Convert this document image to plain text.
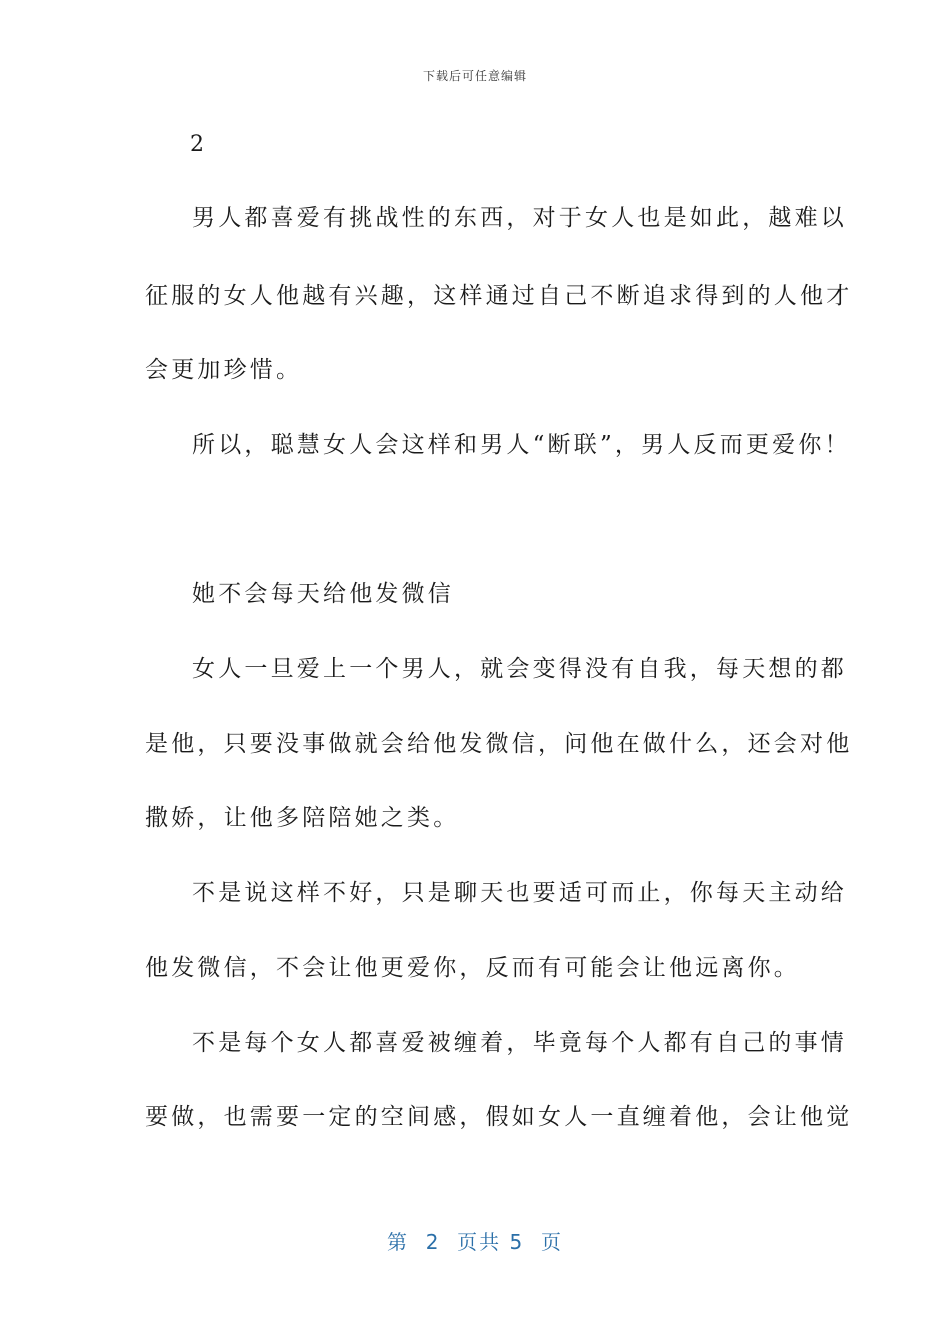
下载后可任意编辑
2
男人都喜爱有挑战性的东西，对于女人也是如此，越难以
征服的女人他越有兴趣，这样通过自己不断追求得到的人他才
会更加珍惜。
所以，聪慧女人会这样和男人“断联”，男人反而更爱你！
她不会每天给他发微信
女人一旦爱上一个男人，就会变得没有自我，每天想的都
是他，只要没事做就会给他发微信，问他在做什么，还会对他
撒娇，让他多陪陪她之类。
不是说这样不好，只是聊天也要适可而止，你每天主动给
他发微信，不会让他更爱你，反而有可能会让他远离你。
不是每个女人都喜爱被缠着，毕竟每个人都有自己的事情
要做，也需要一定的空间感，假如女人一直缠着他，会让他觉
第  2  页共 5  页
